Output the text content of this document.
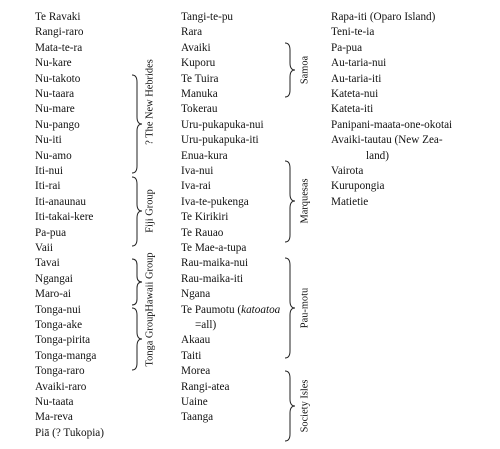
Te Ravaki
Rangi-raro
Mata-te-ra
Nu-kare
Nu-takoto
Nu-taara
Nu-mare
Nu-pango
Nu-iti
Nu-amo
Iti-nui
Iti-rai
Iti-anaunau
Iti-takai-kere
Pa-pua
Vaii
Tavai
Ngangai
Maro-ai
Tonga-nui
Tonga-ake
Tonga-pirita
Tonga-manga
Tonga-raro
Avaiki-raro
Nu-taata
Ma-reva
Piā (? Tukopia)
Tangi-te-pu
Rara
Avaiki
Kuporu
Te Tuira
Manuka
Tokerau
Uru-pukapuka-nui
Uru-pukapuka-iti
Enua-kura
Iva-nui
Iva-rai
Iva-te-pukenga
Te Kirikiri
Te Rauao
Te Mae-a-tupa
Rau-maika-nui
Rau-maika-iti
Ngana
Te Paumotu (katoatoa
=all)
Akaau
Taiti
Morea
Rangi-atea
Uaine
Taanga
Rapa-iti (Oparo Island)
Teni-te-ia
Pa-pua
Au-taria-nui
Au-taria-iti
Kateta-nui
Kateta-iti
Panipani-maata-one-okotai
Avaiki-tautau (New Zea-
land)
Vairota
Kurupongia
Matietie
? The New Hebrides
Fiji Group
Hawaii Group
Tonga Group
Samoa
Marquesas
Pau-motu
Society Isles
